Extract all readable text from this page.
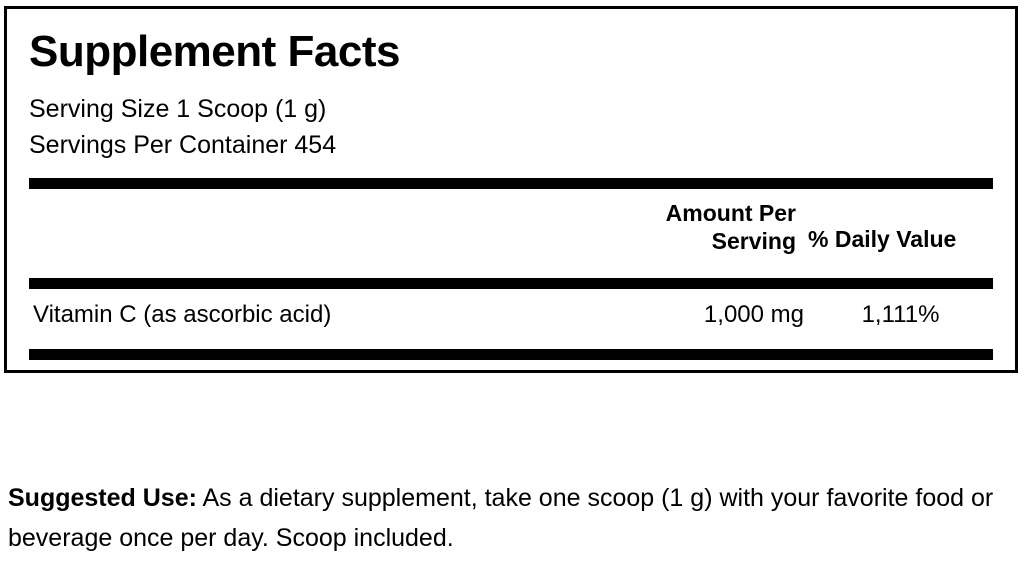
Supplement Facts
Serving Size 1 Scoop (1 g)
Servings Per Container 454
Amount Per Serving % Daily Value
Vitamin C (as ascorbic acid)	1,000 mg	1,111%
Suggested Use: As a dietary supplement, take one scoop (1 g) with your favorite food or beverage once per day. Scoop included.
